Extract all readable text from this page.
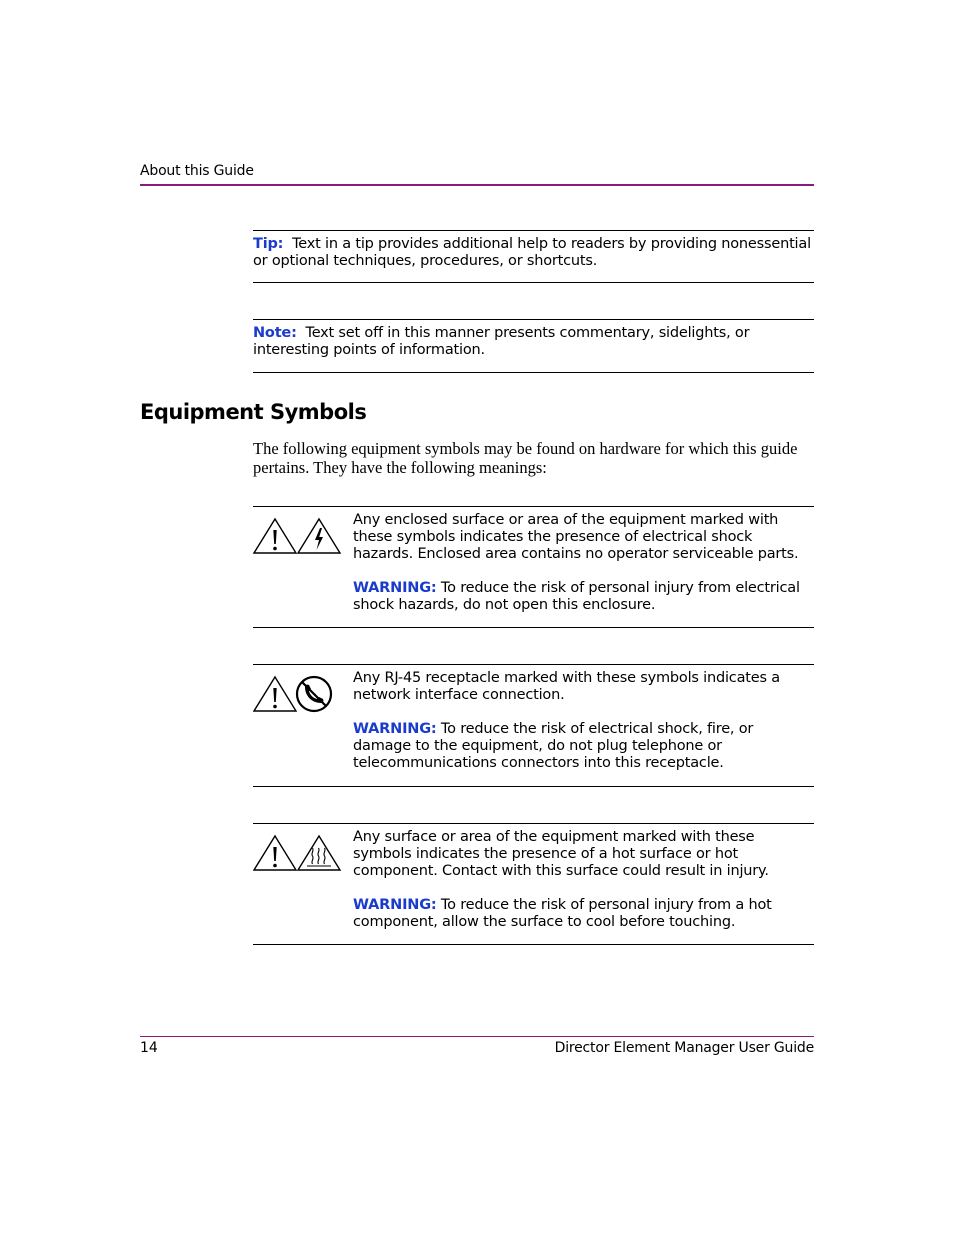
About this Guide

Tip: Text in a tip provides additional help to readers by providing nonessential or optional techniques, procedures, or shortcuts.

Note: Text set off in this manner presents commentary, sidelights, or interesting points of information.

Equipment Symbols

The following equipment symbols may be found on hardware for which this guide pertains. They have the following meanings:

Any enclosed surface or area of the equipment marked with these symbols indicates the presence of electrical shock hazards. Enclosed area contains no operator serviceable parts.

WARNING: To reduce the risk of personal injury from electrical shock hazards, do not open this enclosure.

Any RJ-45 receptacle marked with these symbols indicates a network interface connection.

WARNING: To reduce the risk of electrical shock, fire, or damage to the equipment, do not plug telephone or telecommunications connectors into this receptacle.

Any surface or area of the equipment marked with these symbols indicates the presence of a hot surface or hot component. Contact with this surface could result in injury.

WARNING: To reduce the risk of personal injury from a hot component, allow the surface to cool before touching.

14	Director Element Manager User Guide
